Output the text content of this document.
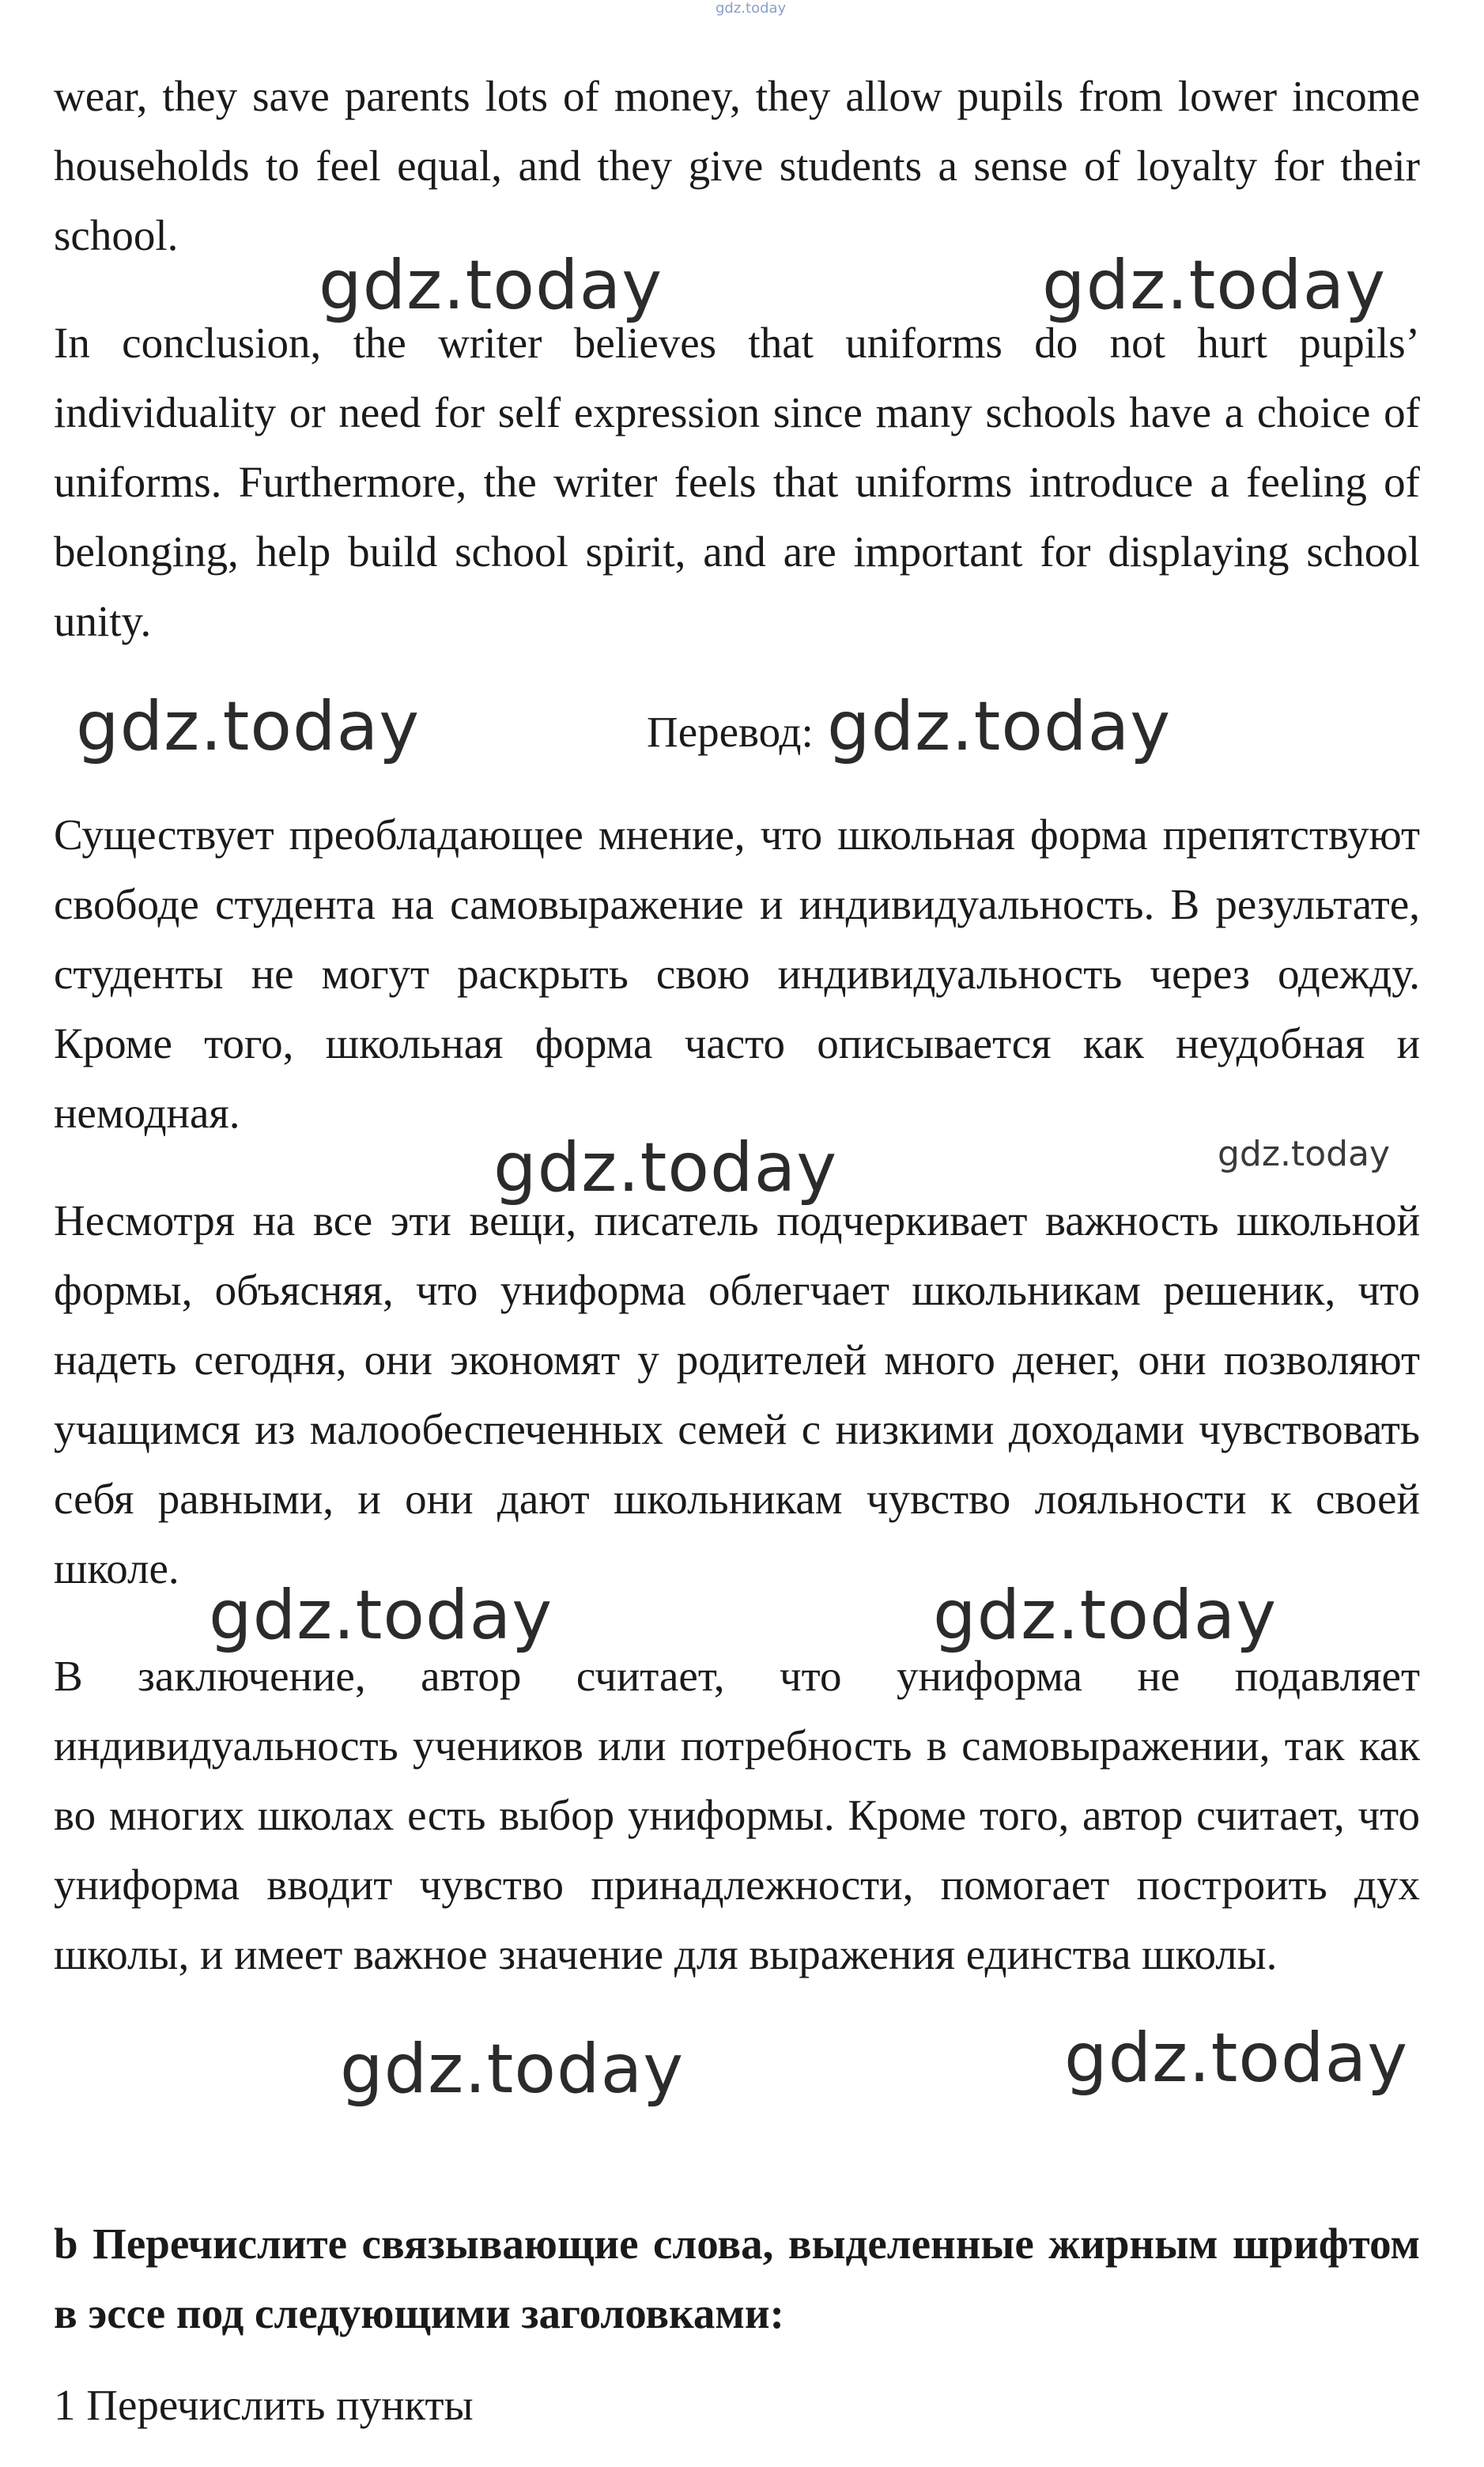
gdz.today

wear, they save parents lots of money, they allow pupils from lower income households to feel equal, and they give students a sense of loyalty for their school.

gdz.today	gdz.today

In conclusion, the writer believes that uniforms do not hurt pupils’ individuality or need for self expression since many schools have a choice of uniforms. Furthermore, the writer feels that uniforms introduce a feeling of belonging, help build school spirit, and are important for displaying school unity.

gdz.today	Перевод: gdz.today

Существует преобладающее мнение, что школьная форма препятствуют свободе студента на самовыражение и индивидуальность. В результате, студенты не могут раскрыть свою индивидуальность через одежду. Кроме того, школьная форма часто описывается как неудобная и немодная.

gdz.today	gdz.today

Несмотря на все эти вещи, писатель подчеркивает важность школьной формы, объясняя, что униформа облегчает школьникам решеник, что надеть сегодня, они экономят у родителей много денег, они позволяют учащимся из малообеспеченных семей с низкими доходами чувствовать себя равными, и они дают школьникам чувство лояльности к своей школе.

gdz.today	gdz.today

В заключение, автор считает, что униформа не подавляет индивидуальность учеников или потребность в самовыражении, так как во многих школах есть выбор униформы. Кроме того, автор считает, что униформа вводит чувство принадлежности, помогает построить дух школы, и имеет важное значение для выражения единства школы.

gdz.today	gdz.today

b Перечислите связывающие слова, выделенные жирным шрифтом в эссе под следующими заголовками:

1 Перечислить пункты
